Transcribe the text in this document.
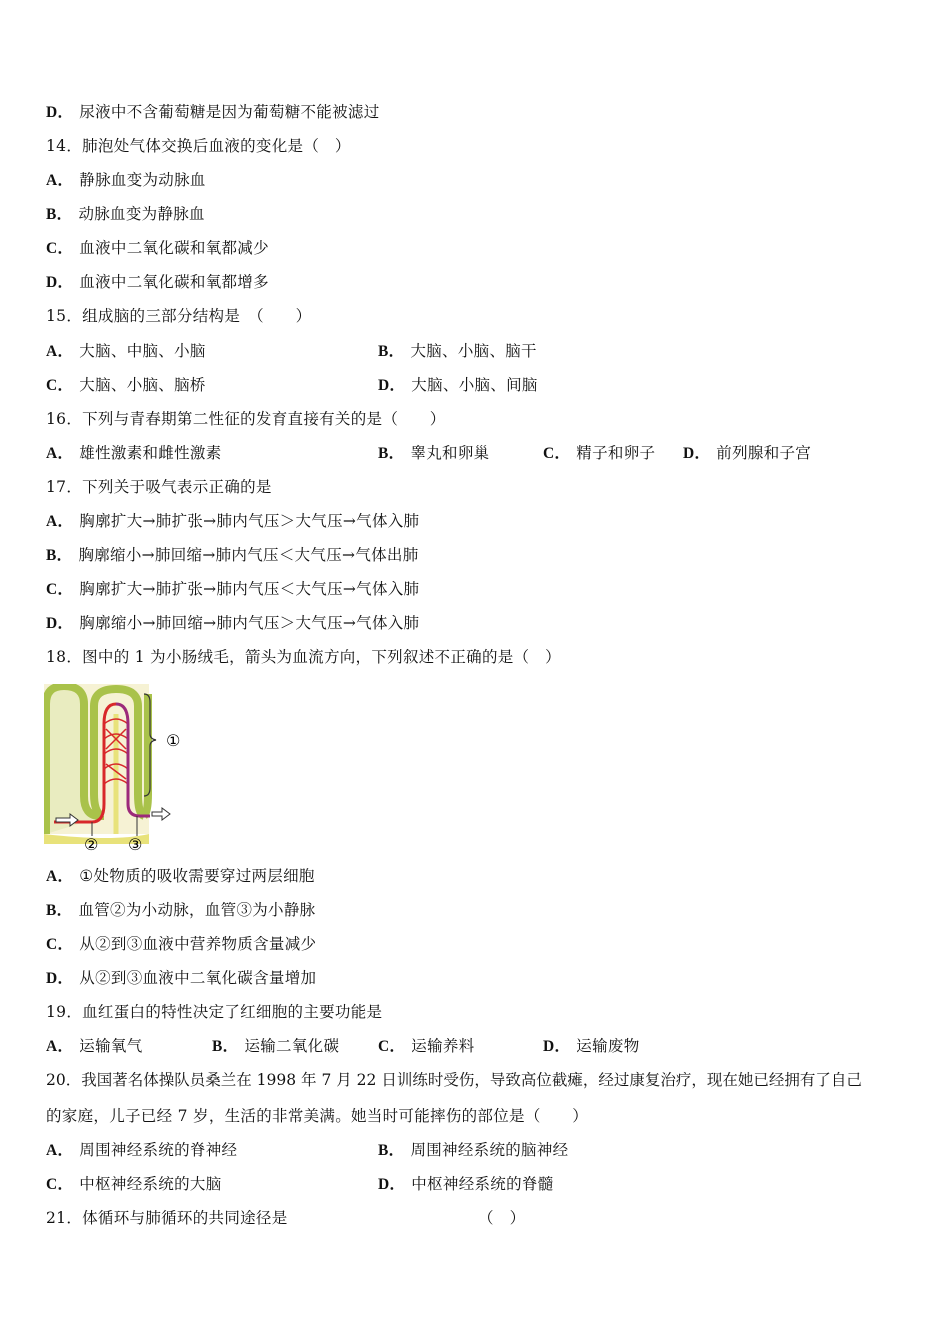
D． 尿液中不含葡萄糖是因为葡萄糖不能被滤过
14．肺泡处气体交换后血液的变化是（　）
A． 静脉血变为动脉血
B． 动脉血变为静脉血
C． 血液中二氧化碳和氧都减少
D． 血液中二氧化碳和氧都增多
15．组成脑的三部分结构是　（　　）
A． 大脑、中脑、小脑	B． 大脑、小脑、脑干
C． 大脑、小脑、脑桥	D． 大脑、小脑、间脑
16．下列与青春期第二性征的发育直接有关的是（　　）
A． 雄性激素和雌性激素	B． 睾丸和卵巢	C． 精子和卵子 D． 前列腺和子宫
17．下列关于吸气表示正确的是
A． 胸廓扩大→肺扩张→肺内气压＞大气压→气体入肺
B． 胸廓缩小→肺回缩→肺内气压＜大气压→气体出肺
C． 胸廓扩大→肺扩张→肺内气压＜大气压→气体入肺
D． 胸廓缩小→肺回缩→肺内气压＞大气压→气体入肺
18．图中的 1 为小肠绒毛，箭头为血流方向，下列叙述不正确的是（　）
①
② ③
A． ①处物质的吸收需要穿过两层细胞
B． 血管②为小动脉，血管③为小静脉
C． 从②到③血液中营养物质含量减少
D． 从②到③血液中二氧化碳含量增加
19．血红蛋白的特性决定了红细胞的主要功能是
A． 运输氧气	B． 运输二氧化碳 C． 运输养料	D． 运输废物
20．我国著名体操队员桑兰在 1998 年 7 月 22 日训练时受伤，导致高位截瘫，经过康复治疗，现在她已经拥有了自己
的家庭，儿子已经 7 岁，生活的非常美满。她当时可能摔伤的部位是（　　）
A． 周围神经系统的脊神经	B． 周围神经系统的脑神经
C． 中枢神经系统的大脑	D． 中枢神经系统的脊髓
21．体循环与肺循环的共同途径是	（　）
